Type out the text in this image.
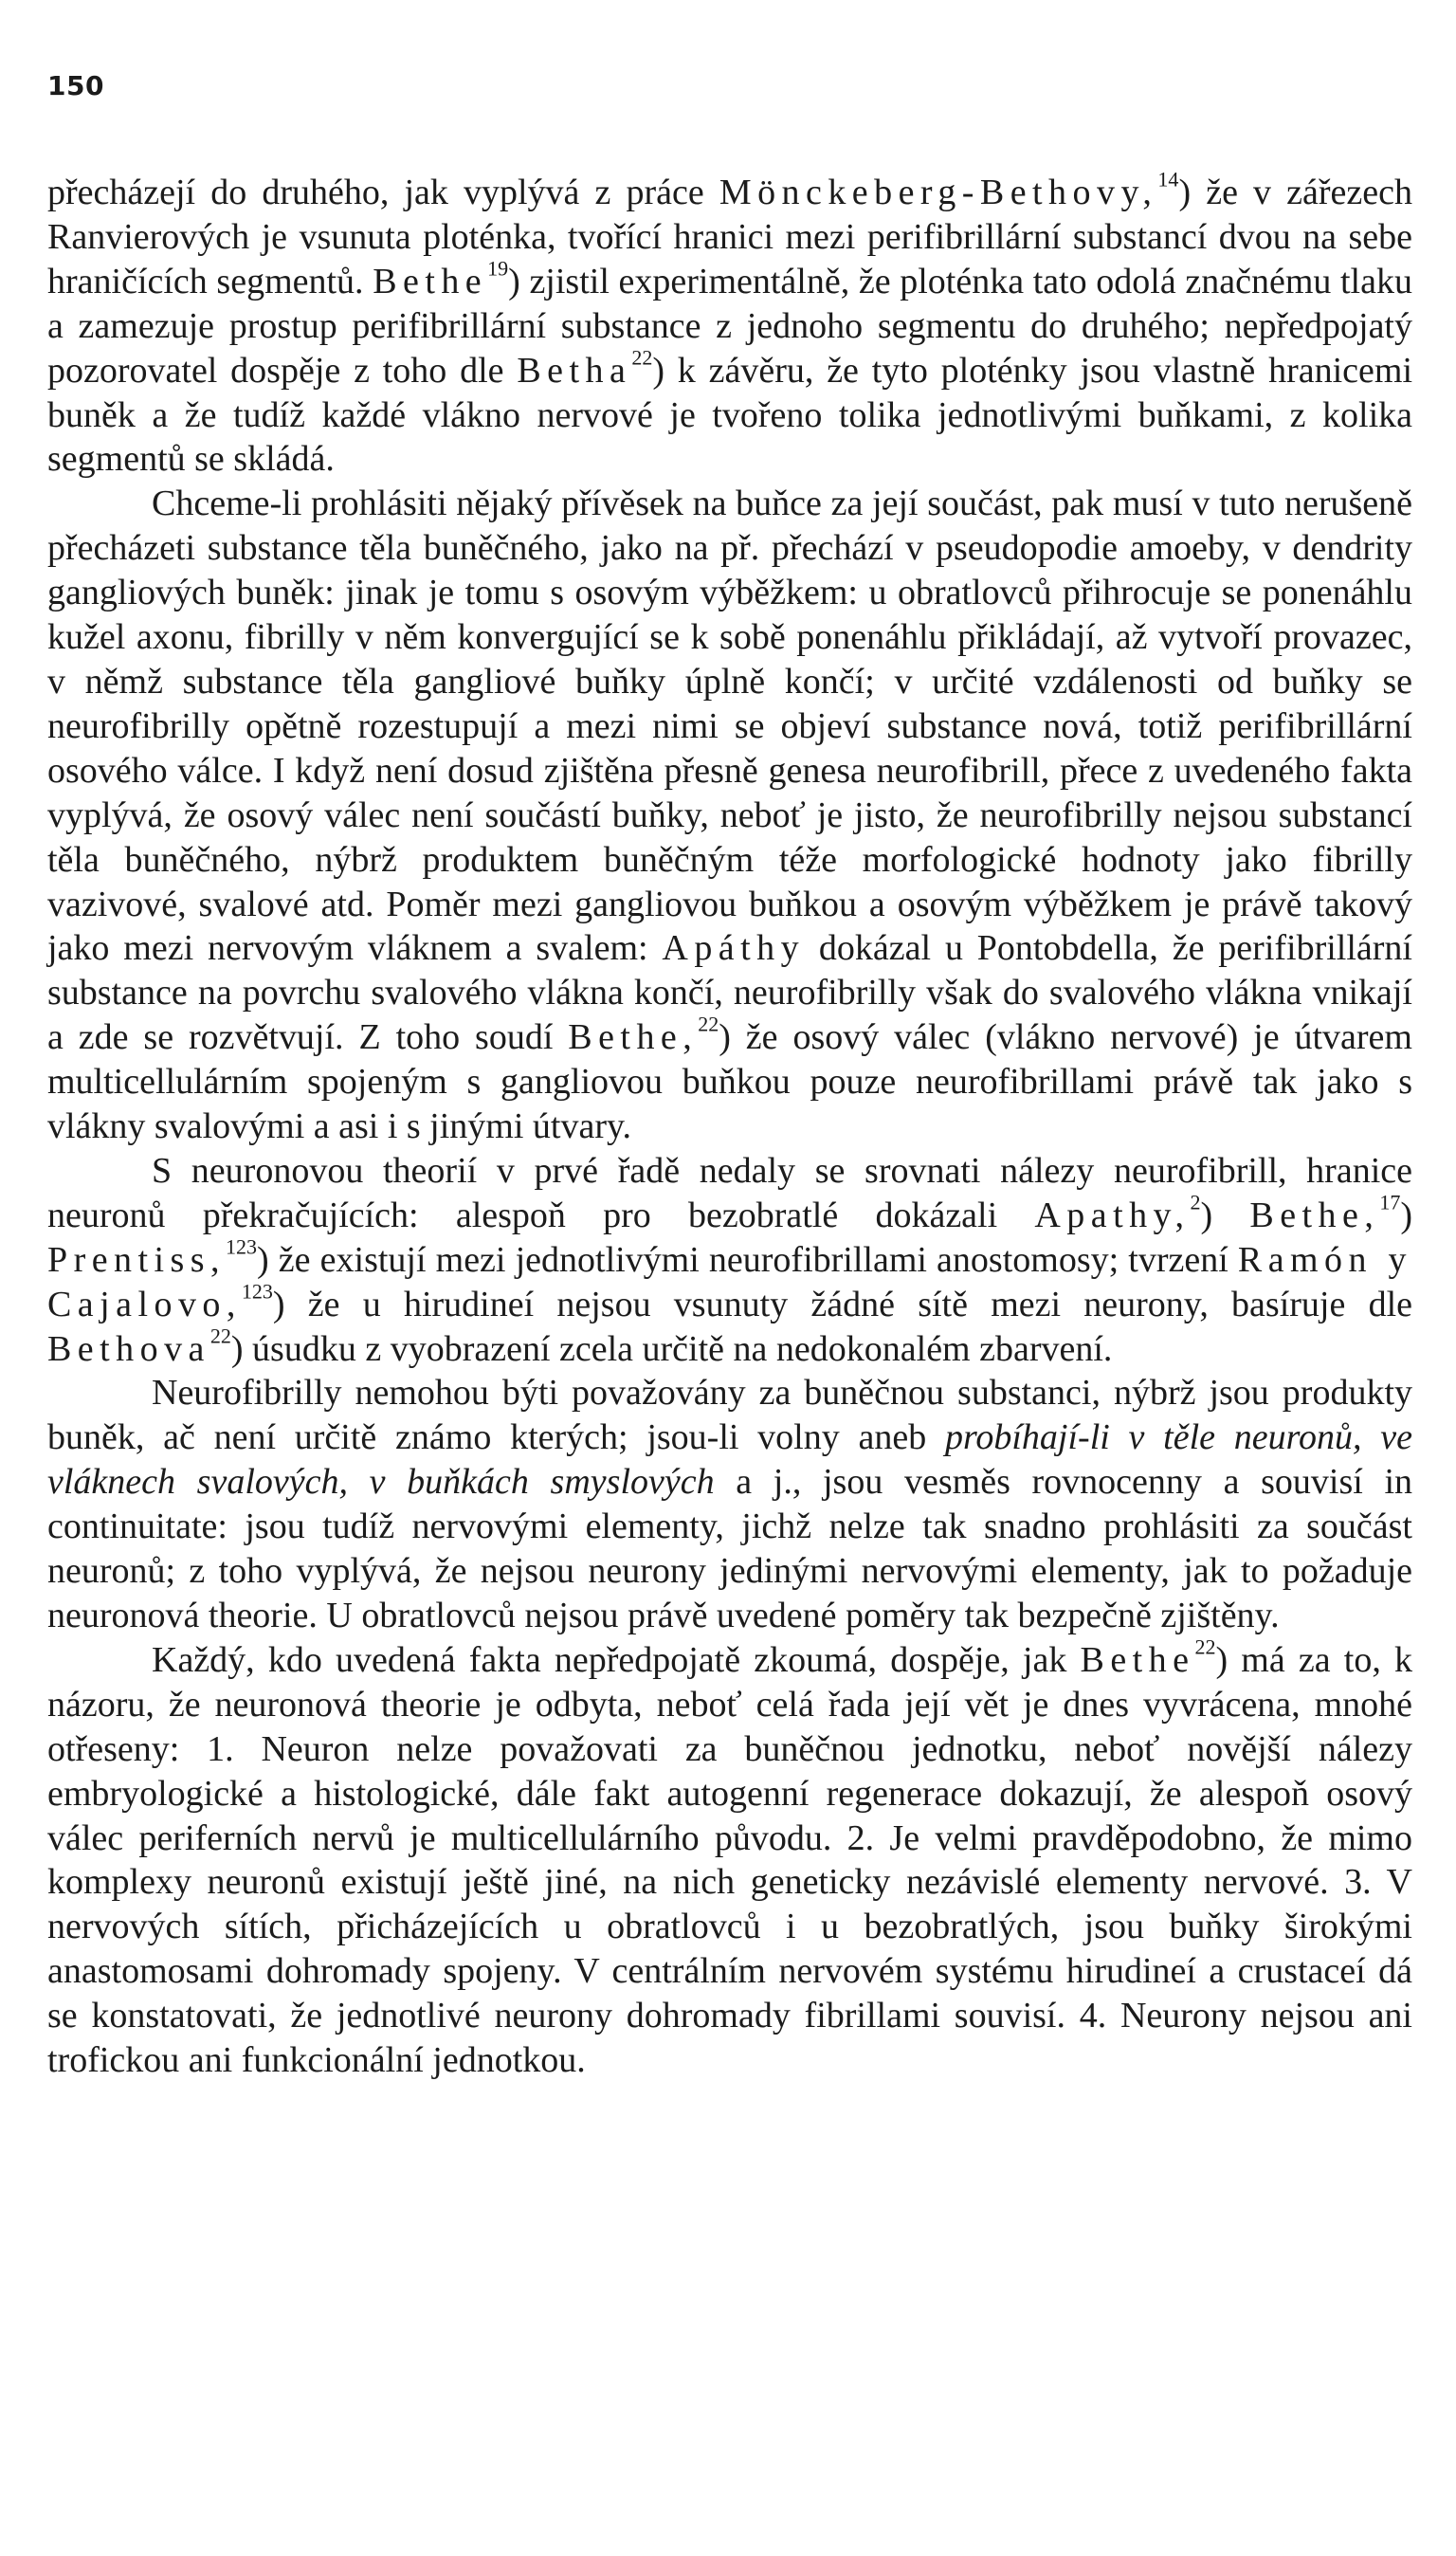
150

přecházejí do druhého, jak vyplývá z práce Mönckeberg-Bethovy,$^{14}$) že v zářezech Ranvierových je vsunuta ploténka, tvořící hranici mezi perifibrillární substancí dvou na sebe hraničících segmentů. Bethe$^{19}$) zjistil experimentálně, že ploténka tato odolá značnému tlaku a zamezuje prostup perifibrillární substance z jednoho segmentu do druhého; nepředpojatý pozorovatel dospěje z toho dle Betha$^{22}$) k závěru, že tyto ploténky jsou vlastně hranicemi buněk a že tudíž každé vlákno nervové je tvořeno tolika jednotlivými buňkami, z kolika segmentů se skládá.

Chceme-li prohlásiti nějaký přívěsek na buňce za její součást, pak musí v tuto nerušeně přecházeti substance těla buněčného, jako na př. přechází v pseudopodie amoeby, v dendrity gangliových buněk: jinak je tomu s osovým výběžkem: u obratlovců přihrocuje se ponenáhlu kužel axonu, fibrilly v něm konvergující se k sobě ponenáhlu přikládají, až vytvoří provazec, v němž substance těla gangliové buňky úplně končí; v určité vzdálenosti od buňky se neurofibrilly opětně rozestupují a mezi nimi se objeví substance nová, totiž perifibrillární osového válce. I když není dosud zjištěna přesně genesa neurofibrill, přece z uvedeného fakta vyplývá, že osový válec není součástí buňky, neboť je jisto, že neurofibrilly nejsou substancí těla buněčného, nýbrž produktem buněčným téže morfologické hodnoty jako fibrilly vazivové, svalové atd. Poměr mezi gangliovou buňkou a osovým výběžkem je právě takový jako mezi nervovým vláknem a svalem: Apáthy dokázal u Pontobdella, že perifibrillární substance na povrchu svalového vlákna končí, neurofibrilly však do svalového vlákna vnikají a zde se rozvětvují. Z toho soudí Bethe,$^{22}$) že osový válec (vlákno nervové) je útvarem multicellulárním spojeným s gangliovou buňkou pouze neurofibrillami právě tak jako s vlákny svalovými a asi i s jinými útvary.

S neuronovou theorií v prvé řadě nedaly se srovnati nálezy neurofibrill, hranice neuronů překračujících: alespoň pro bezobratlé dokázali Apathy,$^2$) Bethe,$^{17}$) Prentiss,$^{123}$) že existují mezi jednotlivými neurofibrillami anostomosy; tvrzení Ramón y Cajalovo,$^{123}$) že u hirudineí nejsou vsunuty žádné sítě mezi neurony, basíruje dle Bethova$^{22}$) úsudku z vyobrazení zcela určitě na nedokonalém zbarvení.

Neurofibrilly nemohou býti považovány za buněčnou substanci, nýbrž jsou produkty buněk, ač není určitě známo kterých; jsou-li volny aneb probíhají-li v těle neuronů, ve vláknech svalových, v buňkách smyslových a j., jsou vesměs rovnocenny a souvisí in continuitate: jsou tudíž nervovými elementy, jichž nelze tak snadno prohlásiti za součást neuronů; z toho vyplývá, že nejsou neurony jedinými nervovými elementy, jak to požaduje neuronová theorie. U obratlovců nejsou právě uvedené poměry tak bezpečně zjištěny.

Každý, kdo uvedená fakta nepředpojatě zkoumá, dospěje, jak Bethe$^{22}$) má za to, k názoru, že neuronová theorie je odbyta, neboť celá řada její vět je dnes vyvrácena, mnohé otřeseny: 1. Neuron nelze považovati za buněčnou jednotku, neboť novější nálezy embryologické a histologické, dále fakt autogenní regenerace dokazují, že alespoň osový válec periferních nervů je multicellulárního původu. 2. Je velmi pravděpodobno, že mimo komplexy neuronů existují ještě jiné, na nich geneticky nezávislé elementy nervové. 3. V nervových sítích, přicházejících u obratlovců i u bezobratlých, jsou buňky širokými anastomosami dohromady spojeny. V centrálním nervovém systému hirudineí a crustaceí dá se konstatovati, že jednotlivé neurony dohromady fibrillami souvisí. 4. Neurony nejsou ani trofickou ani funkcionální jednotkou.
